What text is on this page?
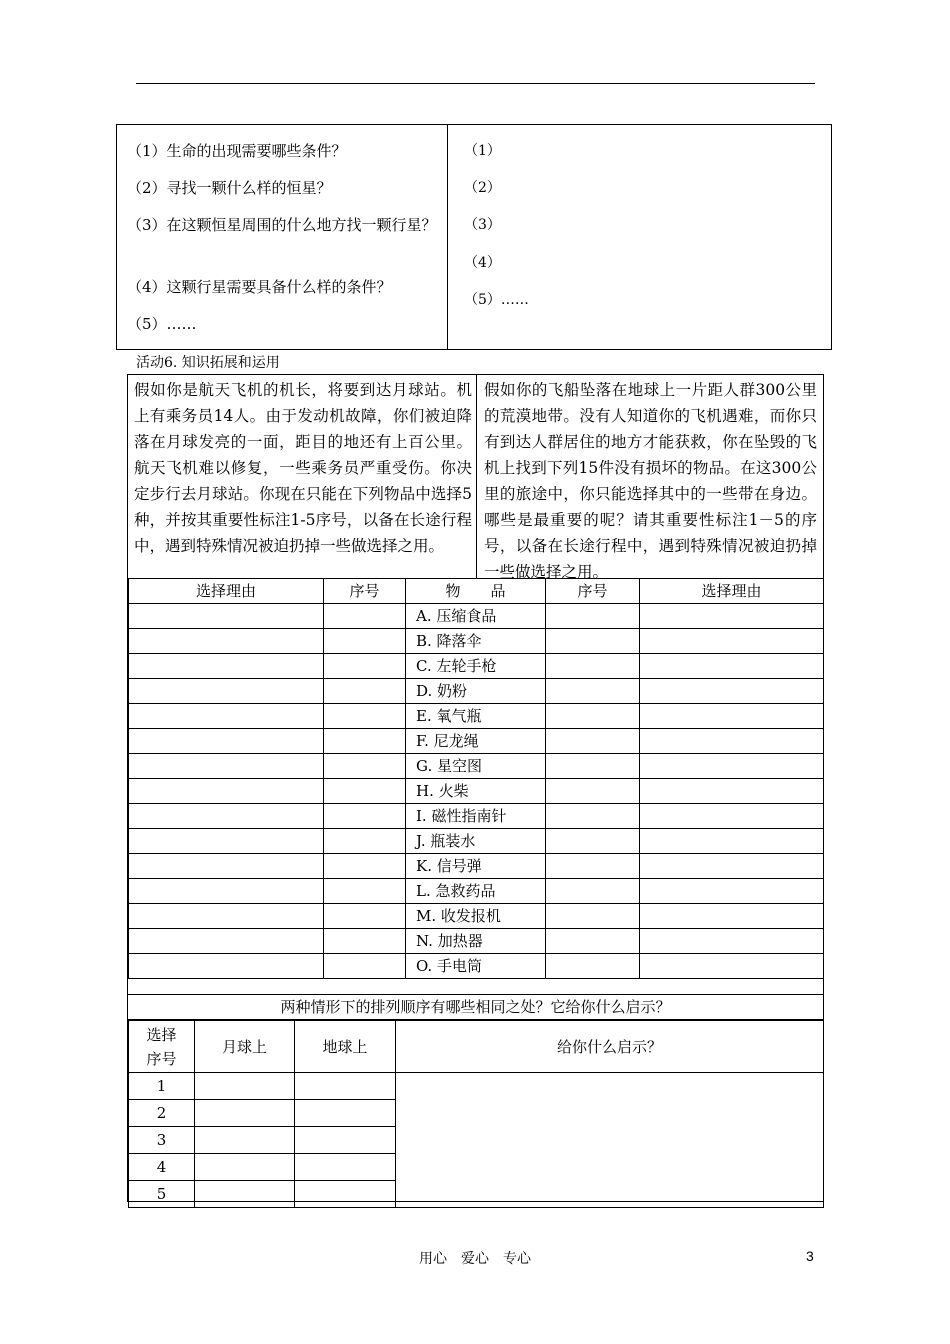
（1）生命的出现需要哪些条件？
（2）寻找一颗什么样的恒星？
（3）在这颗恒星周围的什么地方找一颗行星？
（4）这颗行星需要具备什么样的条件？
（5）……
（1）
（2）
（3）
（4）
（5）……
活动6. 知识拓展和运用
假如你是航天飞机的机长，将要到达月球站。机上有乘务员14人。由于发动机故障，你们被迫降落在月球发亮的一面，距目的地还有上百公里。航天飞机难以修复，一些乘务员严重受伤。你决定步行去月球站。你现在只能在下列物品中选择5种，并按其重要性标注1-5序号，以备在长途行程中，遇到特殊情况被迫扔掉一些做选择之用。
假如你的飞船坠落在地球上一片距人群300公里的荒漠地带。没有人知道你的飞机遇难，而你只有到达人群居住的地方才能获救，你在坠毁的飞机上找到下列15件没有损坏的物品。在这300公里的旅途中，你只能选择其中的一些带在身边。哪些是最重要的呢？请其重要性标注1－5的序号，以备在长途行程中，遇到特殊情况被迫扔掉一些做选择之用。
选择理由	序号	物　　品	序号	选择理由
		A. 压缩食品		
		B. 降落伞		
		C. 左轮手枪		
		D. 奶粉		
		E. 氧气瓶		
		F. 尼龙绳		
		G. 星空图		
		H. 火柴		
		I. 磁性指南针		
		J. 瓶装水		
		K. 信号弹		
		L. 急救药品		
		M. 收发报机		
		N. 加热器		
		O. 手电筒		
两种情形下的排列顺序有哪些相同之处？它给你什么启示？
选择序号	月球上	地球上	给你什么启示？
1			
2			
3			
4			
5			
用心　爱心　专心	3
